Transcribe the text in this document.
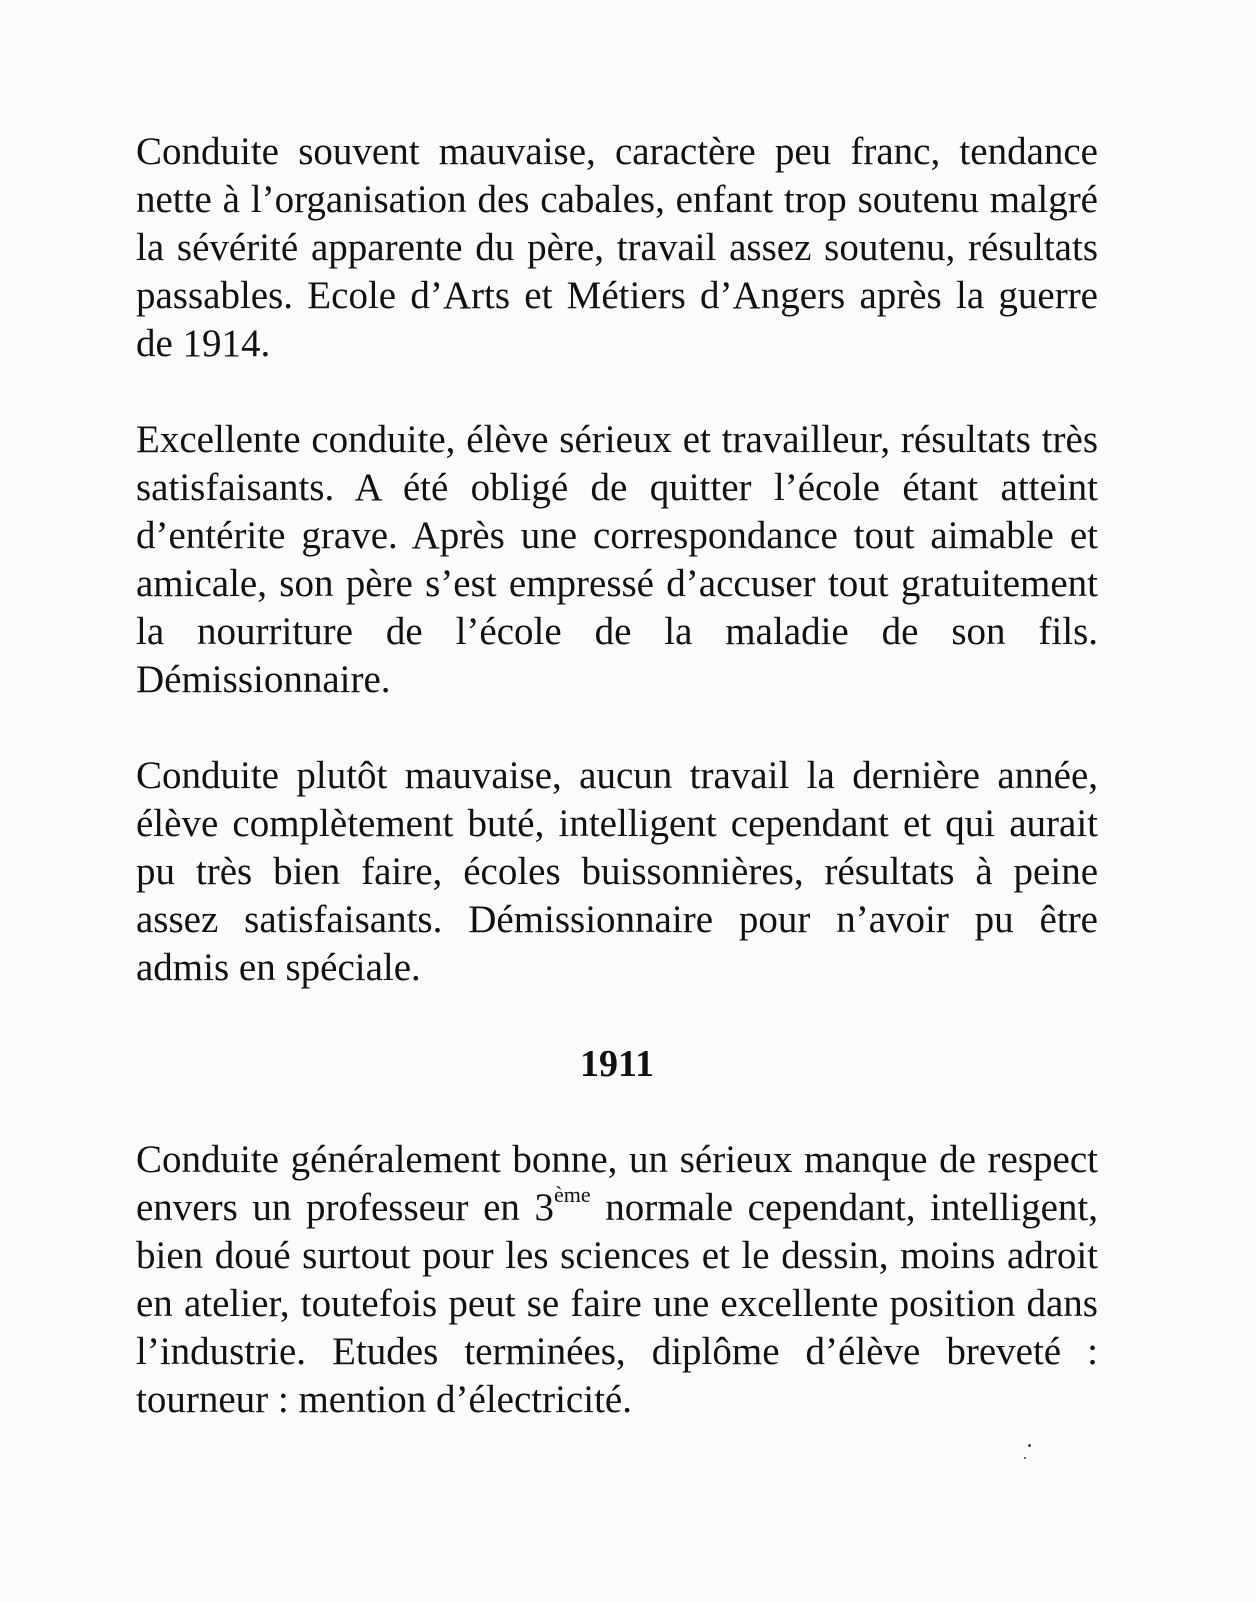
Conduite souvent mauvaise, caractère peu franc, tendance nette à l’organisation des cabales, enfant trop soutenu malgré la sévérité apparente du père, travail assez soutenu, résultats passables. Ecole d’Arts et Métiers d’Angers après la guerre de 1914.

Excellente conduite, élève sérieux et travailleur, résultats très satisfaisants. A été obligé de quitter l’école étant atteint d’entérite grave. Après une correspondance tout aimable et amicale, son père s’est empressé d’accuser tout gratuitement la nourriture de l’école de la maladie de son fils. Démissionnaire.

Conduite plutôt mauvaise, aucun travail la dernière année, élève complètement buté, intelligent cependant et qui aurait pu très bien faire, écoles buissonnières, résultats à peine assez satisfaisants. Démissionnaire pour n’avoir pu être admis en spéciale.

1911

Conduite généralement bonne, un sérieux manque de respect envers un professeur en 3ème normale cependant, intelligent, bien doué surtout pour les sciences et le dessin, moins adroit en atelier, toutefois peut se faire une excellente position dans l’industrie. Etudes terminées, diplôme d’élève breveté : tourneur : mention d’électricité.
